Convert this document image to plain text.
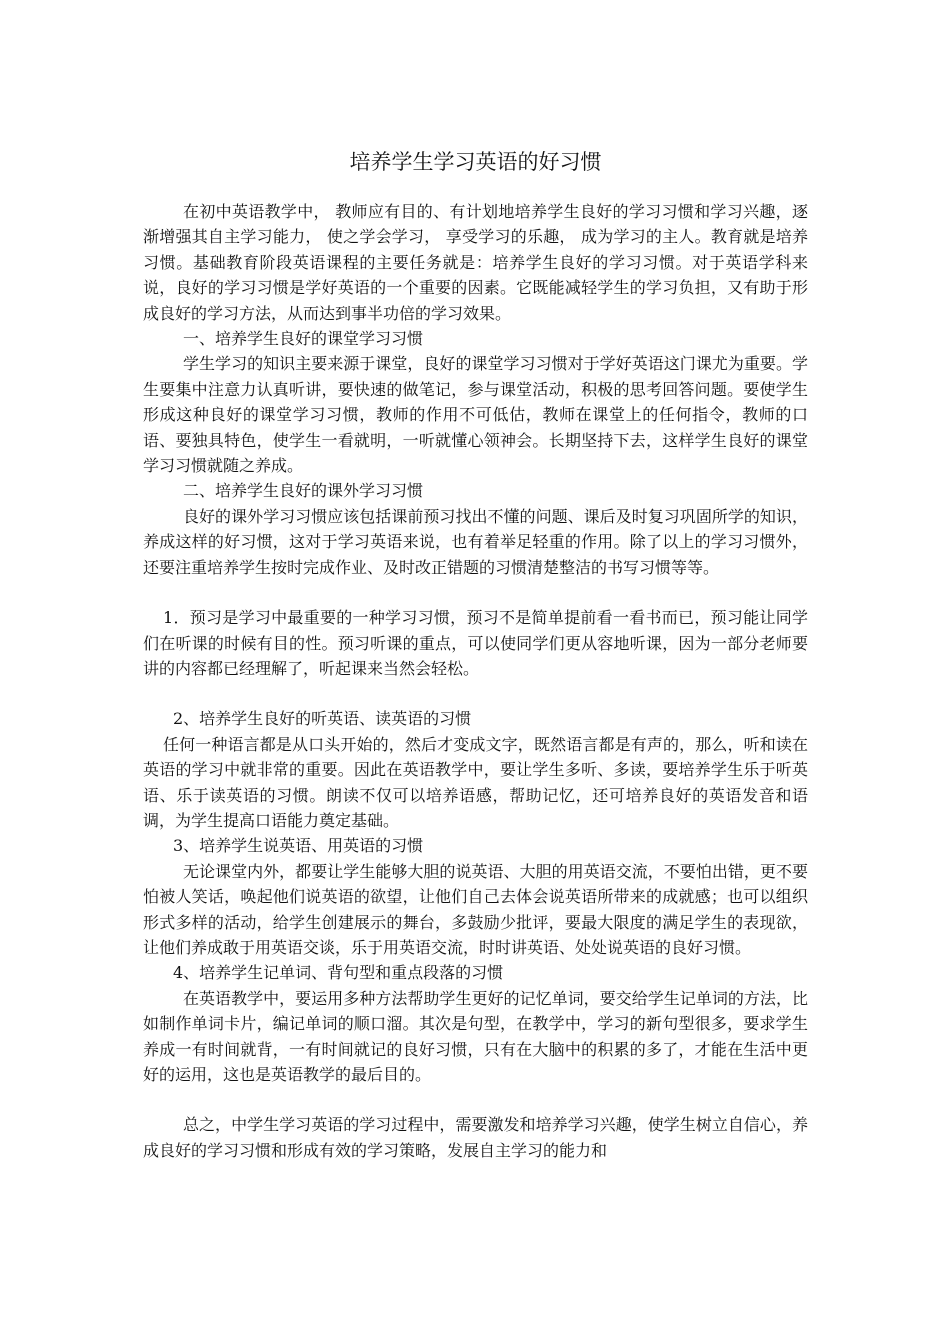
培养学生学习英语的好习惯

在初中英语教学中， 教师应有目的、有计划地培养学生良好的学习习惯和学习兴趣，逐渐增强其自主学习能力， 使之学会学习， 享受学习的乐趣， 成为学习的主人。教育就是培养习惯。基础教育阶段英语课程的主要任务就是：培养学生良好的学习习惯。对于英语学科来说，良好的学习习惯是学好英语的一个重要的因素。它既能减轻学生的学习负担，又有助于形成良好的学习方法，从而达到事半功倍的学习效果。

一、培养学生良好的课堂学习习惯

学生学习的知识主要来源于课堂，良好的课堂学习习惯对于学好英语这门课尤为重要。学生要集中注意力认真听讲，要快速的做笔记，参与课堂活动，积极的思考回答问题。要使学生形成这种良好的课堂学习习惯，教师的作用不可低估，教师在课堂上的任何指令，教师的口语、要独具特色，使学生一看就明，一听就懂心领神会。长期坚持下去，这样学生良好的课堂学习习惯就随之养成。

二、培养学生良好的课外学习习惯

良好的课外学习习惯应该包括课前预习找出不懂的问题、课后及时复习巩固所学的知识，养成这样的好习惯，这对于学习英语来说，也有着举足轻重的作用。除了以上的学习习惯外，还要注重培养学生按时完成作业、及时改正错题的习惯清楚整洁的书写习惯等等。

1．预习是学习中最重要的一种学习习惯，预习不是简单提前看一看书而已，预习能让同学们在听课的时候有目的性。预习听课的重点，可以使同学们更从容地听课，因为一部分老师要讲的内容都已经理解了，听起课来当然会轻松。

2、培养学生良好的听英语、读英语的习惯

任何一种语言都是从口头开始的，然后才变成文字，既然语言都是有声的，那么，听和读在英语的学习中就非常的重要。因此在英语教学中，要让学生多听、多读，要培养学生乐于听英语、乐于读英语的习惯。朗读不仅可以培养语感，帮助记忆，还可培养良好的英语发音和语调，为学生提高口语能力奠定基础。

3、培养学生说英语、用英语的习惯

无论课堂内外，都要让学生能够大胆的说英语、大胆的用英语交流，不要怕出错，更不要怕被人笑话，唤起他们说英语的欲望，让他们自己去体会说英语所带来的成就感；也可以组织形式多样的活动，给学生创建展示的舞台，多鼓励少批评，要最大限度的满足学生的表现欲，让他们养成敢于用英语交谈，乐于用英语交流，时时讲英语、处处说英语的良好习惯。

4、培养学生记单词、背句型和重点段落的习惯

在英语教学中，要运用多种方法帮助学生更好的记忆单词，要交给学生记单词的方法，比如制作单词卡片，编记单词的顺口溜。其次是句型，在教学中，学习的新句型很多，要求学生养成一有时间就背，一有时间就记的良好习惯，只有在大脑中的积累的多了，才能在生活中更好的运用，这也是英语教学的最后目的。

总之，中学生学习英语的学习过程中，需要激发和培养学习兴趣，使学生树立自信心，养成良好的学习习惯和形成有效的学习策略，发展自主学习的能力和
